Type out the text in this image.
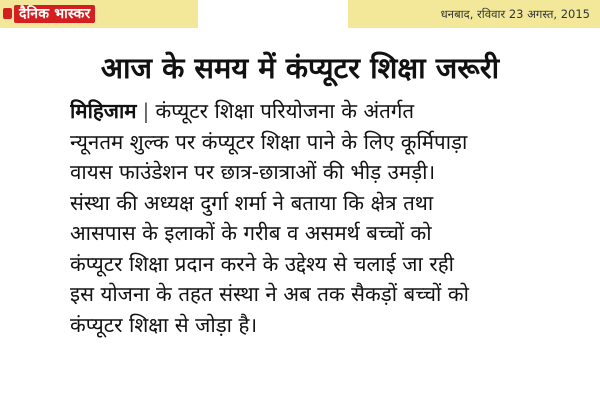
दैनिक भास्कर	धनबाद, रविवार 23 अगस्त, 2015
आज के समय में कंप्यूटर शिक्षा जरूरी
मिहिजाम | कंप्यूटर शिक्षा परियोजना के अंतर्गत
न्यूनतम शुल्क पर कंप्यूटर शिक्षा पाने के लिए कूर्मिपाड़ा
वायस फाउंडेशन पर छात्र-छात्राओं की भीड़ उमड़ी।
संस्था की अध्यक्ष दुर्गा शर्मा ने बताया कि क्षेत्र तथा
आसपास के इलाकों के गरीब व असमर्थ बच्चों को
कंप्यूटर शिक्षा प्रदान करने के उद्देश्य से चलाई जा रही
इस योजना के तहत संस्था ने अब तक सैकड़ों बच्चों को
कंप्यूटर शिक्षा से जोड़ा है।
